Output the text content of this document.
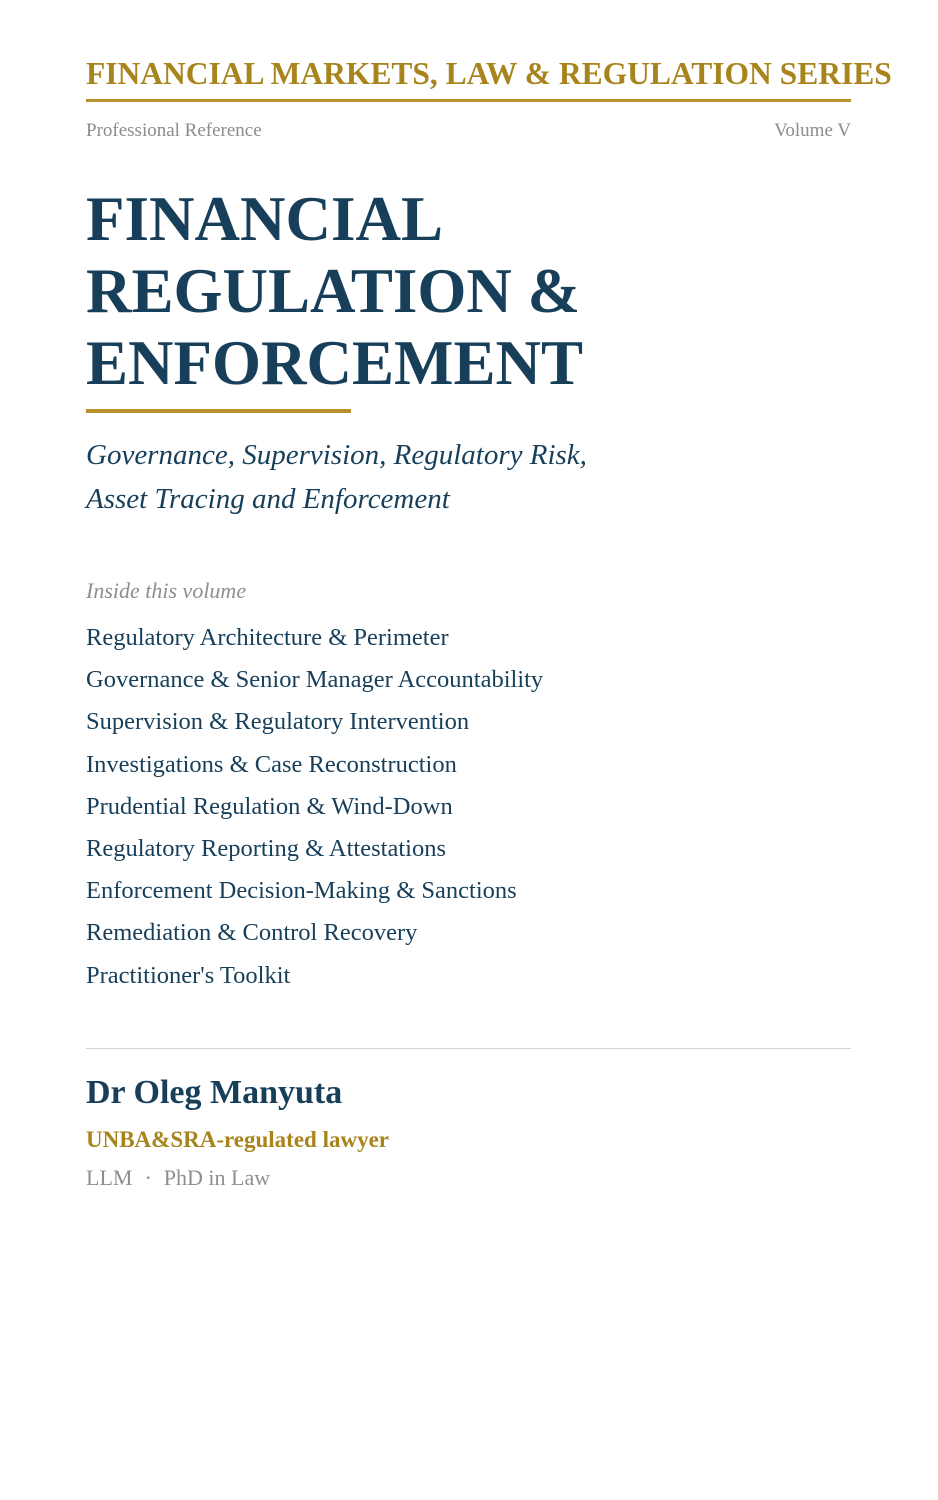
FINANCIAL MARKETS, LAW & REGULATION SERIES
Professional Reference	Volume V
FINANCIAL
REGULATION &
ENFORCEMENT
Governance, Supervision, Regulatory Risk,
Asset Tracing and Enforcement
Inside this volume
Regulatory Architecture & Perimeter
Governance & Senior Manager Accountability
Supervision & Regulatory Intervention
Investigations & Case Reconstruction
Prudential Regulation & Wind-Down
Regulatory Reporting & Attestations
Enforcement Decision-Making & Sanctions
Remediation & Control Recovery
Practitioner's Toolkit
Dr Oleg Manyuta
UNBA&SRA-regulated lawyer
LLM · PhD in Law
